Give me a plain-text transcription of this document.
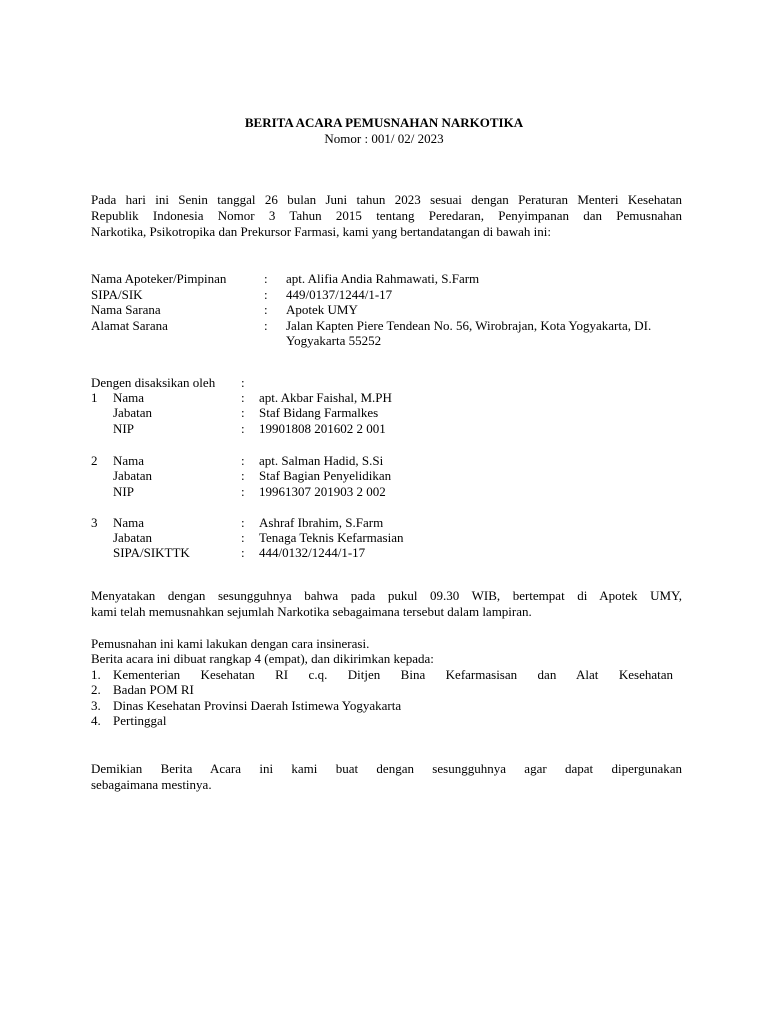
BERITA ACARA PEMUSNAHAN NARKOTIKA
Nomor : 001/ 02/ 2023
Pada hari ini Senin tanggal 26 bulan Juni tahun 2023 sesuai dengan Peraturan Menteri Kesehatan
Republik Indonesia Nomor 3 Tahun 2015 tentang Peredaran, Penyimpanan dan Pemusnahan
Narkotika, Psikotropika dan Prekursor Farmasi, kami yang bertandatangan di bawah ini:
Nama Apoteker/Pimpinan	: apt. Alifia Andia Rahmawati, S.Farm
SIPA/SIK	: 449/0137/1244/1-17
Nama Sarana	: Apotek UMY
Alamat Sarana	: Jalan Kapten Piere Tendean No. 56, Wirobrajan, Kota Yogyakarta, DI.
Yogyakarta 55252
Dengen disaksikan oleh :
1 Nama	: apt. Akbar Faishal, M.PH
Jabatan	: Staf Bidang Farmalkes
NIP	: 19901808 201602 2 001
2 Nama	: apt. Salman Hadid, S.Si
Jabatan	: Staf Bagian Penyelidikan
NIP	: 19961307 201903 2 002
3 Nama	: Ashraf Ibrahim, S.Farm
Jabatan	: Tenaga Teknis Kefarmasian
SIPA/SIKTTK	: 444/0132/1244/1-17
Menyatakan dengan sesungguhnya bahwa pada pukul 09.30 WIB, bertempat di Apotek UMY,
kami telah memusnahkan sejumlah Narkotika sebagaimana tersebut dalam lampiran.
Pemusnahan ini kami lakukan dengan cara insinerasi.
Berita acara ini dibuat rangkap 4 (empat), dan dikirimkan kepada:
1. Kementerian Kesehatan RI c.q. Ditjen Bina Kefarmasisan dan Alat Kesehatan
2. Badan POM RI
3. Dinas Kesehatan Provinsi Daerah Istimewa Yogyakarta
4. Pertinggal
Demikian Berita Acara ini kami buat dengan sesungguhnya agar dapat dipergunakan
sebagaimana mestinya.
